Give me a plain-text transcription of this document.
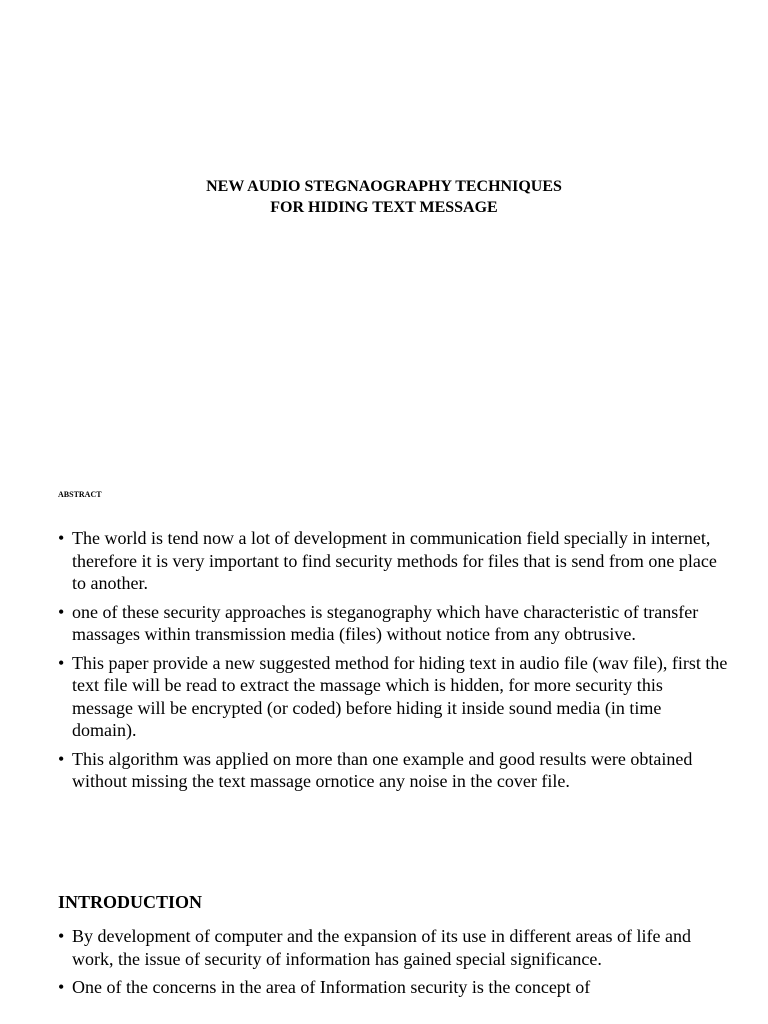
NEW AUDIO STEGNAOGRAPHY TECHNIQUES
FOR HIDING TEXT MESSAGE
ABSTRACT
• The world is tend now a lot of development in communication field specially in internet, therefore it is very important to find security methods for files that is send from one place to another.
• one of these security approaches is steganography which have characteristic of transfer massages within transmission media (files) without notice from any obtrusive.
• This paper provide a new suggested method for hiding text in audio file (wav file), first the text file will be read to extract the massage which is hidden, for more security this message will be encrypted (or coded) before hiding it inside sound media (in time domain).
• This algorithm was applied on more than one example and good results were obtained without missing the text massage ornotice any noise in the cover file.
INTRODUCTION
• By development of computer and the expansion of its use in different areas of life and work, the issue of security of information has gained special significance.
• One of the concerns in the area of Information security is the concept of
